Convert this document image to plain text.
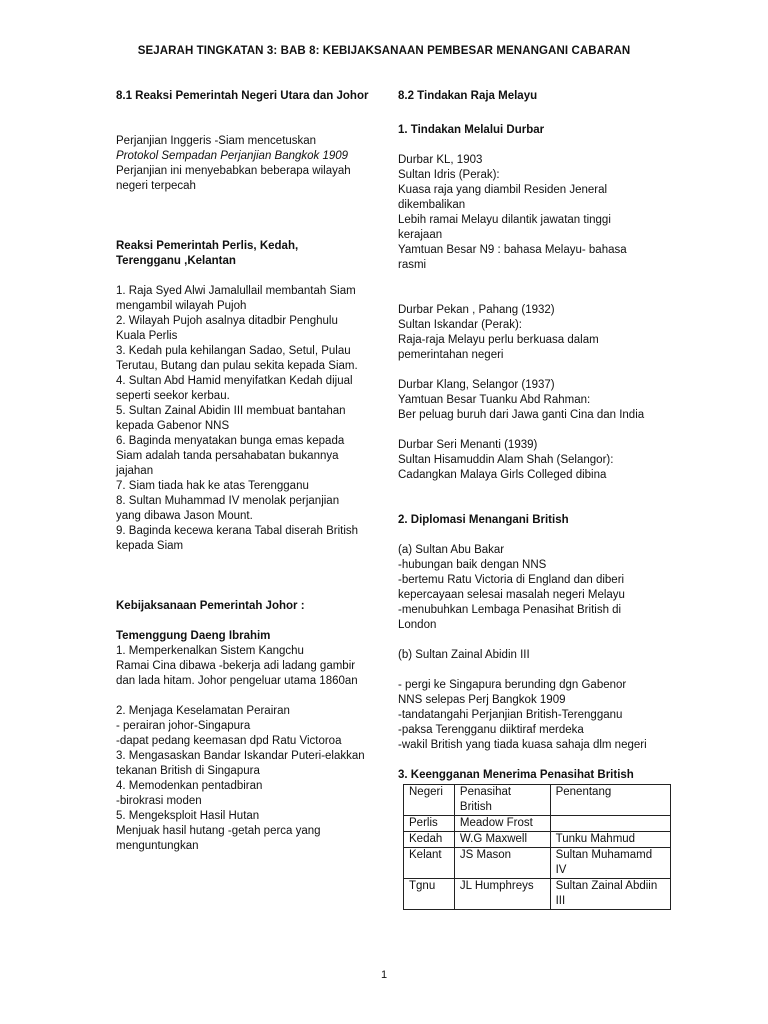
SEJARAH TINGKATAN 3: BAB 8: KEBIJAKSANAAN PEMBESAR MENANGANI CABARAN
8.1 Reaksi Pemerintah Negeri Utara dan Johor
Perjanjian Inggeris -Siam mencetuskan
Protokol Sempadan Perjanjian Bangkok 1909
Perjanjian ini menyebabkan beberapa wilayah
negeri terpecah
Reaksi Pemerintah Perlis, Kedah,
Terengganu ,Kelantan
1. Raja Syed Alwi Jamalullail membantah Siam
mengambil wilayah Pujoh
2. Wilayah Pujoh asalnya ditadbir Penghulu
Kuala Perlis
3. Kedah pula kehilangan Sadao, Setul, Pulau
Terutau, Butang dan pulau sekita kepada Siam.
4. Sultan Abd Hamid menyifatkan Kedah dijual
seperti seekor kerbau.
5. Sultan Zainal Abidin III membuat bantahan
kepada Gabenor NNS
6. Baginda menyatakan bunga emas kepada
Siam adalah tanda persahabatan bukannya
jajahan
7. Siam tiada hak ke atas Terengganu
8. Sultan Muhammad IV menolak perjanjian
yang dibawa Jason Mount.
9. Baginda kecewa kerana Tabal diserah British
kepada Siam
Kebijaksanaan Pemerintah Johor :
Temenggung Daeng Ibrahim
1. Memperkenalkan Sistem Kangchu
Ramai Cina dibawa -bekerja adi ladang gambir
dan lada hitam. Johor pengeluar utama 1860an
2. Menjaga Keselamatan Perairan
- perairan johor-Singapura
-dapat pedang keemasan dpd Ratu Victoroa
3. Mengasaskan Bandar Iskandar Puteri-elakkan
tekanan British di Singapura
4. Memodenkan pentadbiran
-birokrasi moden
5. Mengeksploit Hasil Hutan
Menjuak hasil hutang -getah perca yang
menguntungkan
8.2 Tindakan Raja Melayu
1. Tindakan Melalui Durbar
Durbar KL, 1903
Sultan Idris (Perak):
Kuasa raja yang diambil Residen Jeneral
dikembalikan
Lebih ramai Melayu dilantik jawatan tinggi
kerajaan
Yamtuan Besar N9 : bahasa Melayu- bahasa
rasmi
Durbar Pekan , Pahang (1932)
Sultan Iskandar (Perak):
Raja-raja Melayu perlu berkuasa dalam
pemerintahan negeri
Durbar Klang, Selangor (1937)
Yamtuan Besar Tuanku Abd Rahman:
Ber peluag buruh dari Jawa ganti Cina dan India
Durbar Seri Menanti (1939)
Sultan Hisamuddin Alam Shah (Selangor):
Cadangkan Malaya Girls Colleged dibina
2. Diplomasi Menangani British
(a) Sultan Abu Bakar
-hubungan baik dengan NNS
-bertemu Ratu Victoria di England dan diberi
kepercayaan selesai masalah negeri Melayu
-menubuhkan Lembaga Penasihat British di
London
(b) Sultan Zainal Abidin III
- pergi ke Singapura berunding dgn Gabenor
NNS selepas Perj Bangkok 1909
-tandatangahi Perjanjian British-Terengganu
-paksa Terengganu diiktiraf merdeka
-wakil British yang tiada kuasa sahaja dlm negeri
3. Keengganan Menerima Penasihat British
Negeri	Penasihat British	Penentang
Perlis	Meadow Frost	
Kedah	W.G Maxwell	Tunku Mahmud
Kelant	JS Mason	Sultan Muhamamd IV
Tgnu	JL Humphreys	Sultan Zainal Abdiin III
1
